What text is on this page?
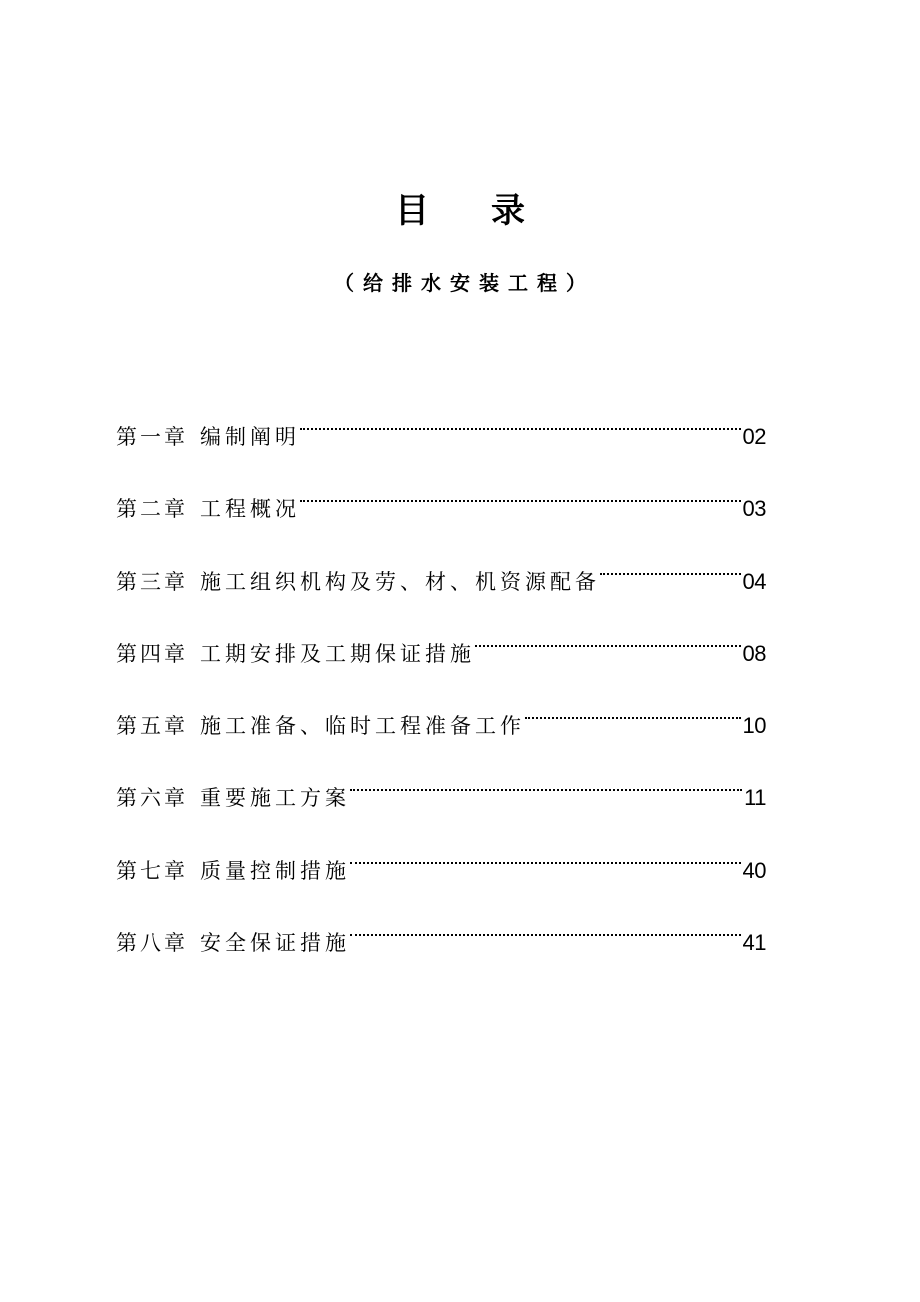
目录
（给排水安装工程）
第一章 编制阐明	02
第二章 工程概况	03
第三章 施工组织机构及劳、材、机资源配备	04
第四章 工期安排及工期保证措施	08
第五章 施工准备、临时工程准备工作	10
第六章 重要施工方案	11
第七章 质量控制措施	40
第八章 安全保证措施	41
